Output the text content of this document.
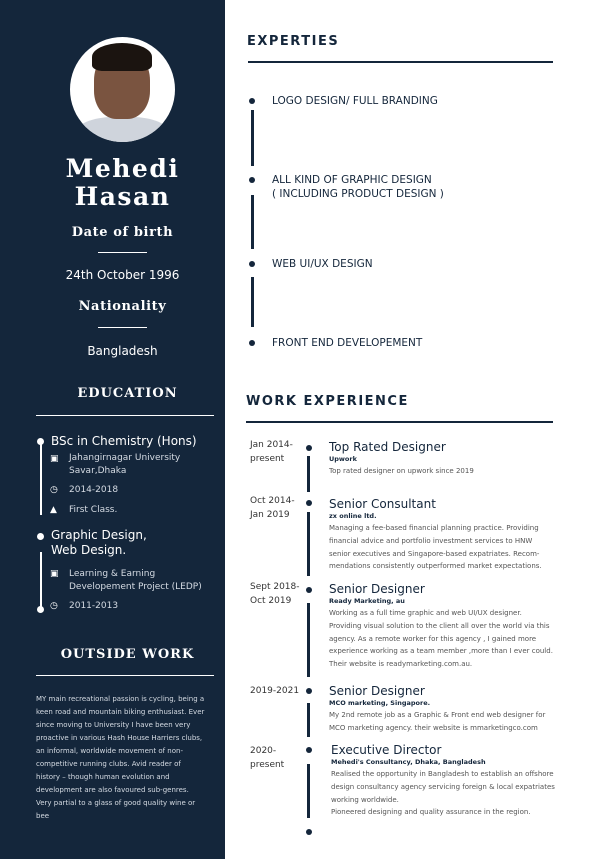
Mehedi
Hasan
Date of birth
24th October 1996
Nationality
Bangladesh
EDUCATION
BSc in Chemistry (Hons)
▣ Jahangirnagar University Savar,Dhaka
◷ 2014-2018
▲ First Class.
Graphic Design,
Web Design.
▣ Learning & Earning Developement Project (LEDP)
◷ 2011-2013
OUTSIDE WORK
MY main recreational passion is cycling, being a keen road and mountain biking enthusiast. Ever since moving to University I have been very proactive in various Hash House Harriers clubs, an informal, worldwide movement of non-competitive running clubs. Avid reader of history – though human evolution and development are also favoured sub-genres.
Very partial to a glass of good quality wine or bee
EXPERTIES
LOGO DESIGN/ FULL BRANDING
ALL KIND OF GRAPHIC DESIGN
( INCLUDING PRODUCT DESIGN )
WEB UI/UX DESIGN
FRONT END DEVELOPEMENT
WORK EXPERIENCE
Jan 2014-
present
Top Rated Designer
Upwork
Top rated designer on upwork since 2019
Oct 2014-
Jan 2019
Senior Consultant
zx online ltd.
Managing a fee-based financial planning practice. Providing financial advice and portfolio investment services to HNW senior executives and Singapore-based expatriates. Recom-mendations consistently outperformed market expectations.
Sept 2018-
Oct 2019
Senior Designer
Ready Marketing, au
Working as a full time graphic and web UI/UX designer. Providing visual solution to the client all over the world via this agency. As a remote worker for this agency , I gained more experience working as a team member ,more than I ever could. Their website is readymarketing.com.au.
2019-2021 Senior Designer
MCO marketing, Singapore.
My 2nd remote job as a Graphic & Front end web designer for MCO marketing agency. their website is mmarketingco.com
2020-
present
Executive Director
Mehedi's Consultancy, Dhaka, Bangladesh
Realised the opportunity in Bangladesh to establish an offshore design consultancy agency servicing foreign & local expatriates working worldwide.
Pioneered designing and quality assurance in the region.
